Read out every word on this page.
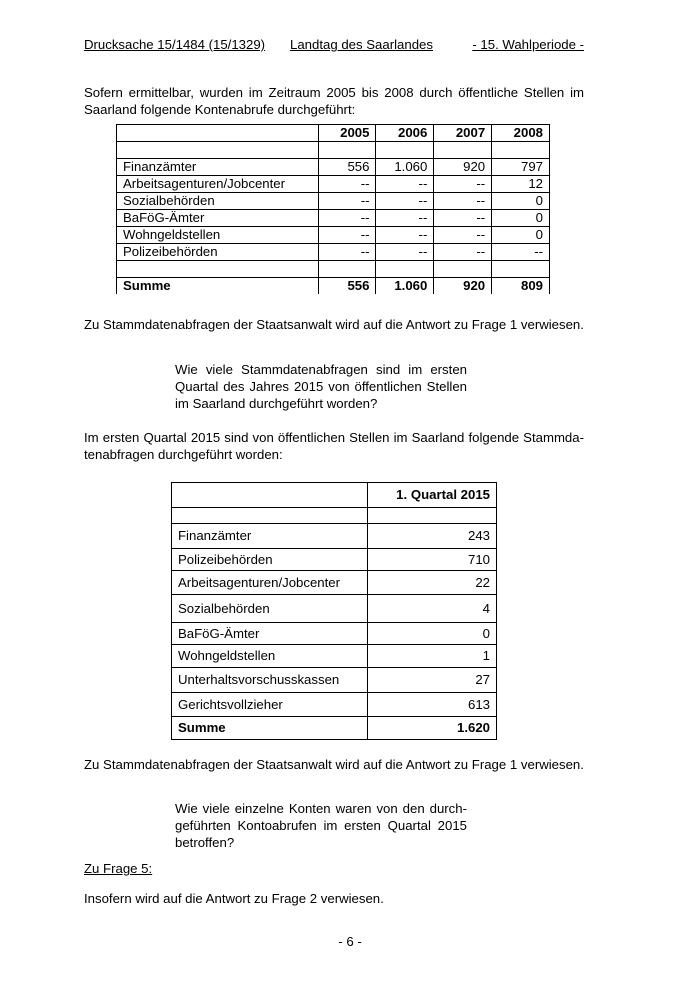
Drucksache 15/1484 (15/1329) Landtag des Saarlandes	- 15. Wahlperiode -
Sofern ermittelbar, wurden im Zeitraum 2005 bis 2008 durch öffentliche Stellen im
Saarland folgende Kontenabrufe durchgeführt:
	2005	2006	2007	2008

Finanzämter	556	1.060	920	797
Arbeitsagenturen/Jobcenter	--	--	--	12
Sozialbehörden	--	--	--	0
BaFöG-Ämter	--	--	--	0
Wohngeldstellen	--	--	--	0
Polizeibehörden	--	--	--	--

Summe	556	1.060	920	809
Zu Stammdatenabfragen der Staatsanwalt wird auf die Antwort zu Frage 1 verwiesen.
Wie viele Stammdatenabfragen sind im ersten
Quartal des Jahres 2015 von öffentlichen Stellen
im Saarland durchgeführt worden?
Im ersten Quartal 2015 sind von öffentlichen Stellen im Saarland folgende Stammda-
tenabfragen durchgeführt worden:
	1. Quartal 2015

Finanzämter	243
Polizeibehörden	710
Arbeitsagenturen/Jobcenter	22
Sozialbehörden	4
BaFöG-Ämter	0
Wohngeldstellen	1
Unterhaltsvorschusskassen	27
Gerichtsvollzieher	613
Summe	1.620
Zu Stammdatenabfragen der Staatsanwalt wird auf die Antwort zu Frage 1 verwiesen.
Wie viele einzelne Konten waren von den durch-
geführten Kontoabrufen im ersten Quartal 2015
betroffen?
Zu Frage 5:
Insofern wird auf die Antwort zu Frage 2 verwiesen.
- 6 -
